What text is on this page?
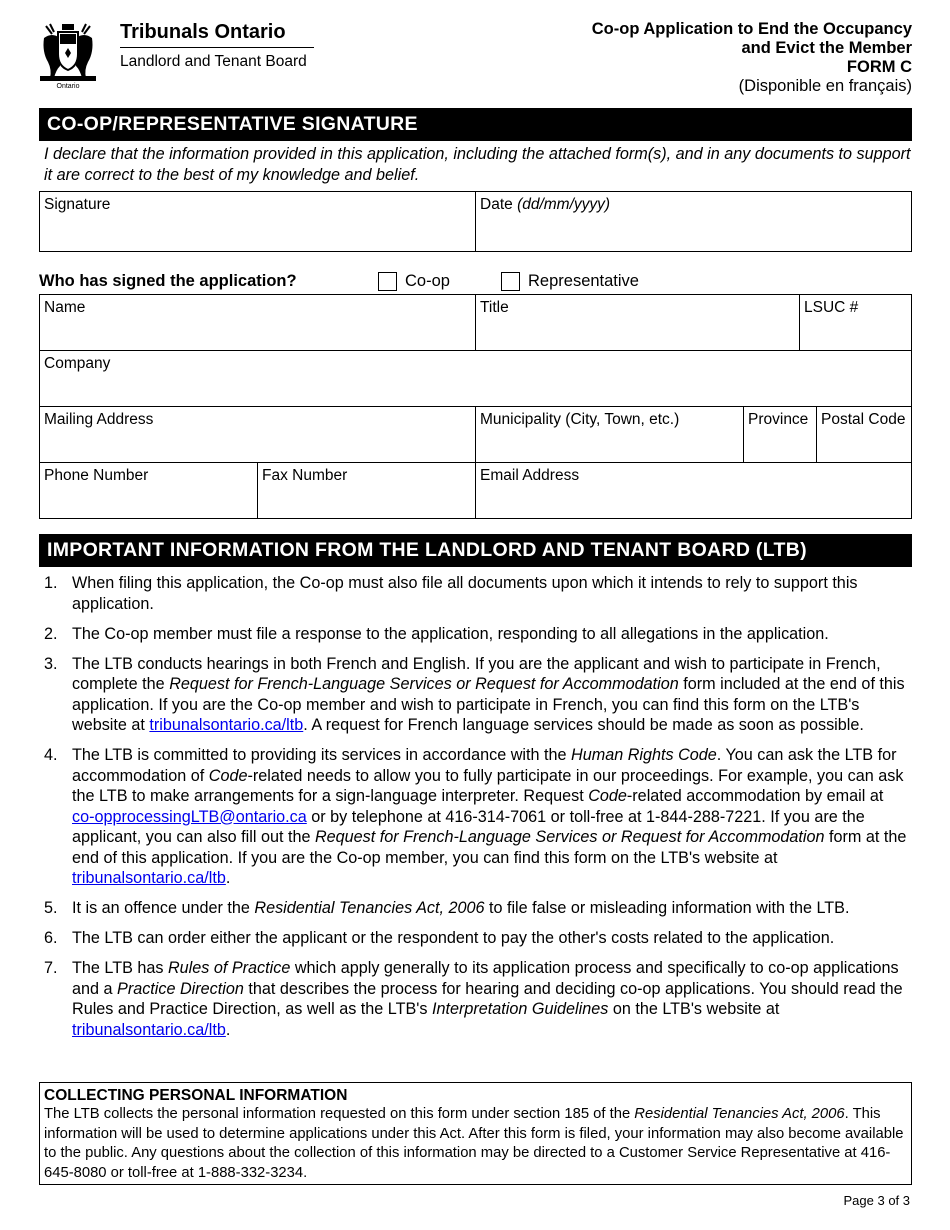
Ontario
Tribunals Ontario
Landlord and Tenant Board
Co-op Application to End the Occupancy
and Evict the Member
FORM C
(Disponible en français)
CO-OP/REPRESENTATIVE SIGNATURE
I declare that the information provided in this application, including the attached form(s), and in any documents to support it are correct to the best of my knowledge and belief.
Signature	Date (dd/mm/yyyy)
Who has signed the application?	Co-op	Representative
Name	Title	LSUC #
Company
Mailing Address	Municipality (City, Town, etc.)	Province Postal Code
Phone Number	Fax Number	Email Address
IMPORTANT INFORMATION FROM THE LANDLORD AND TENANT BOARD (LTB)
1. When filing this application, the Co-op must also file all documents upon which it intends to rely to support this application.
2. The Co-op member must file a response to the application, responding to all allegations in the application.
3. The LTB conducts hearings in both French and English. If you are the applicant and wish to participate in French, complete the Request for French-Language Services or Request for Accommodation form included at the end of this application. If you are the Co-op member and wish to participate in French, you can find this form on the LTB's website at tribunalsontario.ca/ltb. A request for French language services should be made as soon as possible.
4. The LTB is committed to providing its services in accordance with the Human Rights Code. You can ask the LTB for accommodation of Code-related needs to allow you to fully participate in our proceedings. For example, you can ask the LTB to make arrangements for a sign-language interpreter. Request Code-related accommodation by email at co-opprocessingLTB@ontario.ca or by telephone at 416-314-7061 or toll-free at 1-844-288-7221. If you are the applicant, you can also fill out the Request for French-Language Services or Request for Accommodation form at the end of this application. If you are the Co-op member, you can find this form on the LTB's website at tribunalsontario.ca/ltb.
5. It is an offence under the Residential Tenancies Act, 2006 to file false or misleading information with the LTB.
6. The LTB can order either the applicant or the respondent to pay the other's costs related to the application.
7. The LTB has Rules of Practice which apply generally to its application process and specifically to co-op applications and a Practice Direction that describes the process for hearing and deciding co-op applications. You should read the Rules and Practice Direction, as well as the LTB's Interpretation Guidelines on the LTB's website at tribunalsontario.ca/ltb.
COLLECTING PERSONAL INFORMATION
The LTB collects the personal information requested on this form under section 185 of the Residential Tenancies Act, 2006. This information will be used to determine applications under this Act. After this form is filed, your information may also become available to the public. Any questions about the collection of this information may be directed to a Customer Service Representative at 416-645-8080 or toll-free at 1-888-332-3234.
Page 3 of 3
